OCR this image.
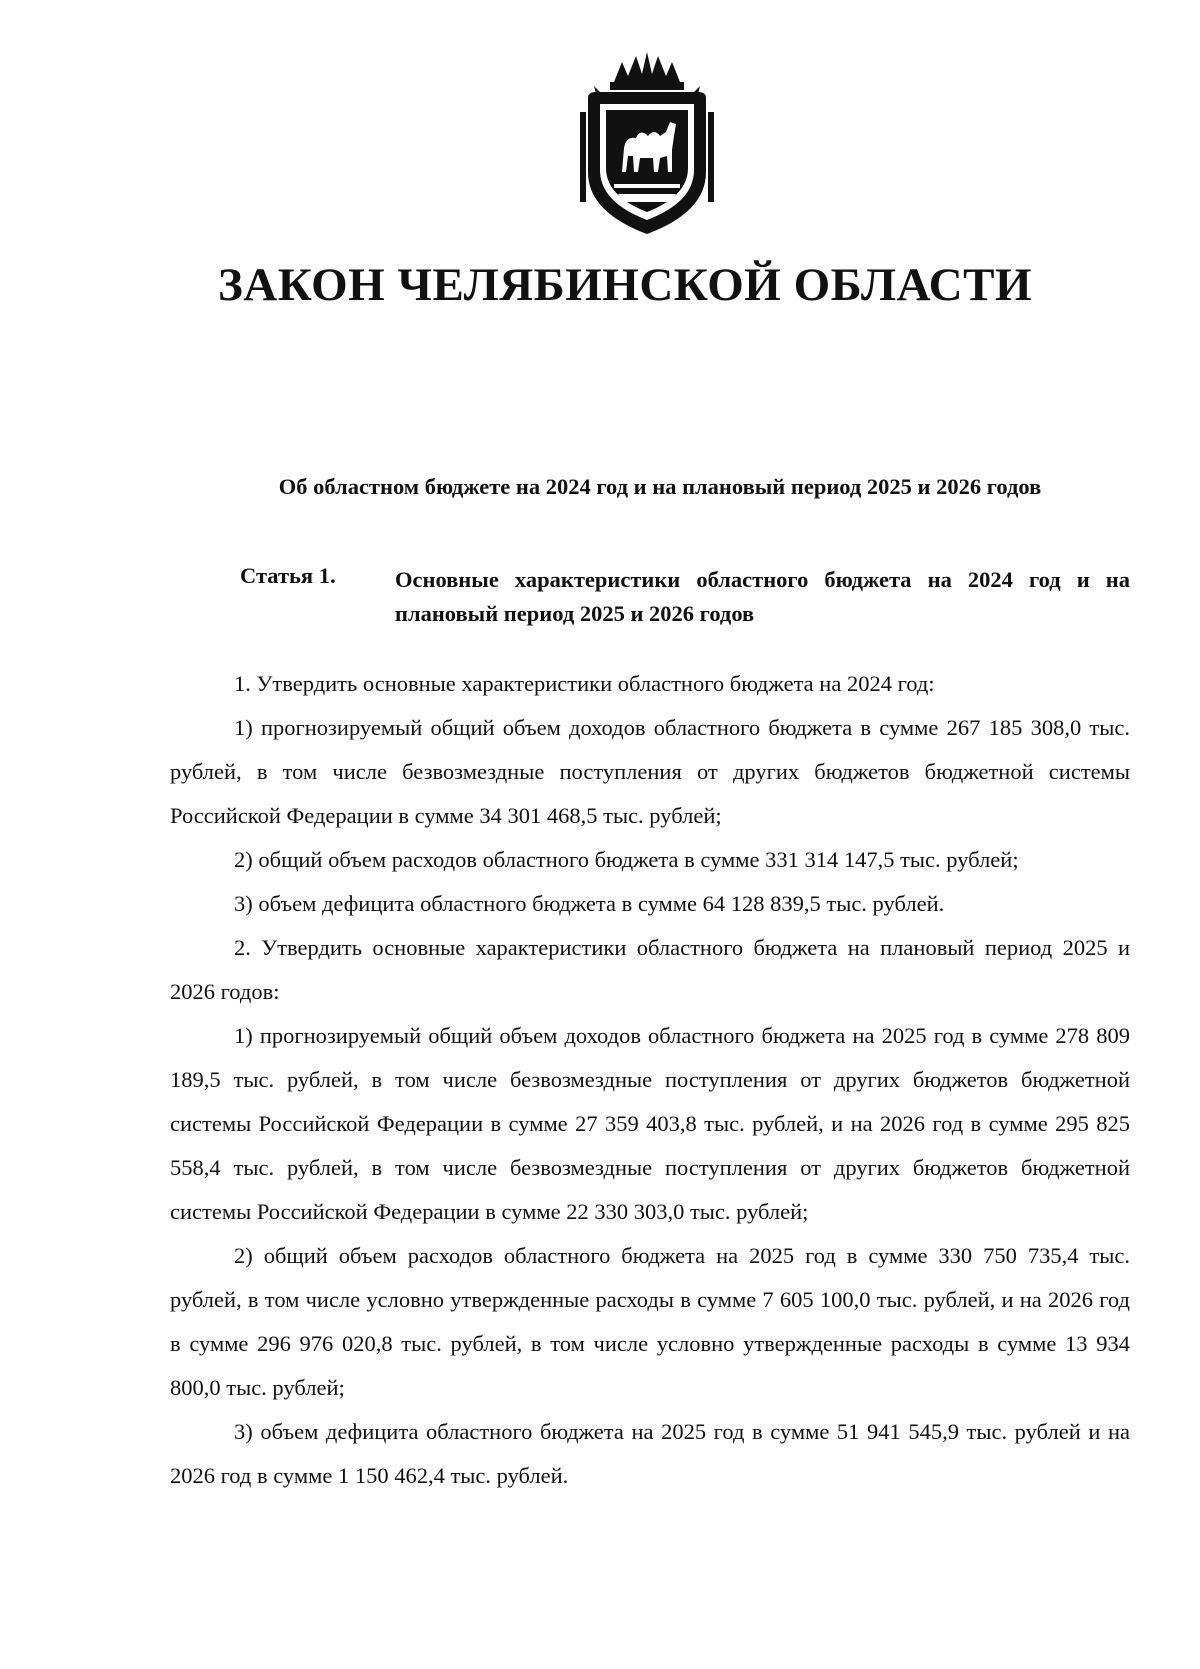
ЗАКОН ЧЕЛЯБИНСКОЙ ОБЛАСТИ

Об областном бюджете на 2024 год и на плановый период 2025 и 2026 годов

Статья 1.	Основные характеристики областного бюджета на 2024 год и на плановый период 2025 и 2026 годов

1. Утвердить основные характеристики областного бюджета на 2024 год:

1) прогнозируемый общий объем доходов областного бюджета в сумме 267 185 308,0 тыс. рублей, в том числе безвозмездные поступления от других бюджетов бюджетной системы Российской Федерации в сумме 34 301 468,5 тыс. рублей;

2) общий объем расходов областного бюджета в сумме 331 314 147,5 тыс. рублей;

3) объем дефицита областного бюджета в сумме 64 128 839,5 тыс. рублей.

2. Утвердить основные характеристики областного бюджета на плановый период 2025 и 2026 годов:

1) прогнозируемый общий объем доходов областного бюджета на 2025 год в сумме 278 809 189,5 тыс. рублей, в том числе безвозмездные поступления от других бюджетов бюджетной системы Российской Федерации в сумме 27 359 403,8 тыс. рублей, и на 2026 год в сумме 295 825 558,4 тыс. рублей, в том числе безвозмездные поступления от других бюджетов бюджетной системы Российской Федерации в сумме 22 330 303,0 тыс. рублей;

2) общий объем расходов областного бюджета на 2025 год в сумме 330 750 735,4 тыс. рублей, в том числе условно утвержденные расходы в сумме 7 605 100,0 тыс. рублей, и на 2026 год в сумме 296 976 020,8 тыс. рублей, в том числе условно утвержденные расходы в сумме 13 934 800,0 тыс. рублей;

3) объем дефицита областного бюджета на 2025 год в сумме 51 941 545,9 тыс. рублей и на 2026 год в сумме 1 150 462,4 тыс. рублей.
